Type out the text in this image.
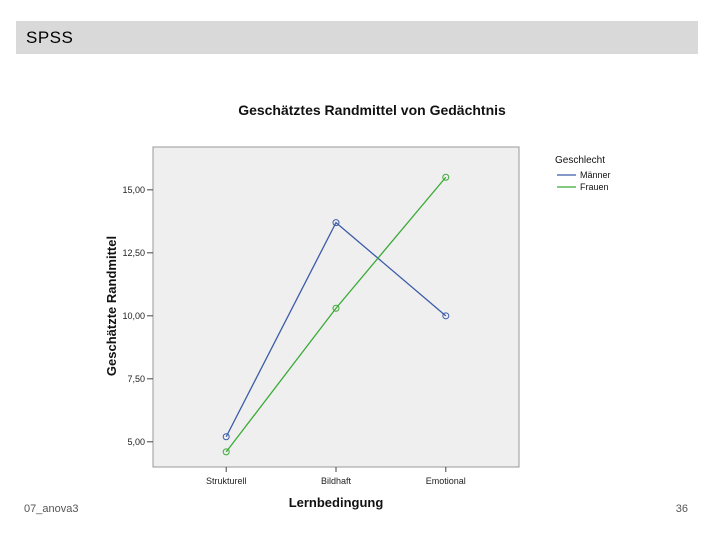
SPSS
Geschätztes Randmittel von Gedächtnis
5,00
7,50
10,00
12,50
15,00
Strukturell	Bildhaft	Emotional
Geschätzte Randmittel
Lernbedingung
Geschlecht
Männer
Frauen
07_anova3	36
